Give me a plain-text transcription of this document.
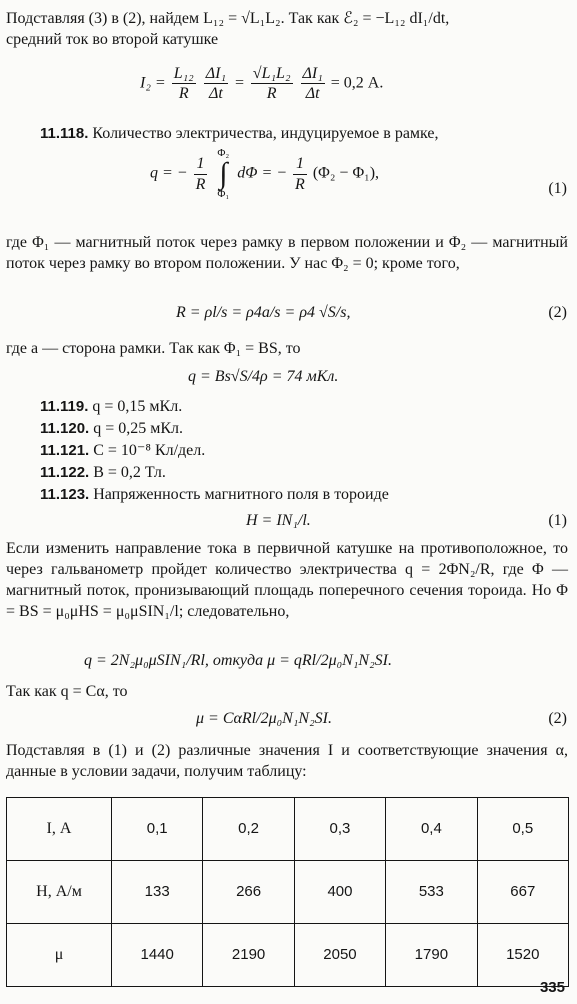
Подставляя (3) в (2), найдем L₁₂ = √L₁L₂. Так как ℰ₂ = −L₁₂ dI₁/dt,
средний ток во второй катушке
$I_2 = \frac{\text{L₁₂}}{R}$
$\frac{\text{ΔI₁}}{\Delta t} = \frac{\text{√L₁L₂}}{R}$
$\frac{\text{ΔI₁}}{\Delta t} = 0,2$ А.
11.118. Количество электричества, индуцируемое в рамке,
q = − $\frac{1}{R}$

Φ₂
∫
Φ₁
dΦ = − $\frac{1}{R} (\Phi_2 - \Phi_1)$,
(1)
где Φ₁ — магнитный поток через рамку в первом положении и Φ₂ — магнитный поток через рамку во втором положении. У нас Φ₂ = 0; кроме того,
R = ρl/s = ρ4a/s = ρ4 √S/s,	(2)
где a — сторона рамки. Так как Φ₁ = BS, то
q = Bs√S/4ρ = 74 мКл.
11.119. q = 0,15 мКл.
11.120. q = 0,25 мКл.
11.121. C = 10⁻⁸ Кл/дел.
11.122. B = 0,2 Тл.
11.123. Напряженность магнитного поля в тороиде
H = IN₁/l.	(1)
Если изменить направление тока в первичной катушке на противоположное, то через гальванометр пройдет количество электричества q = 2ΦN₂/R, где Φ — магнитный поток, пронизывающий площадь поперечного сечения тороида. Но Φ = BS = μ₀μHS = μ₀μSIN₁/l; следовательно,
q = 2N₂μ₀μSIN₁/Rl, откуда μ = qRl/2μ₀N₁N₂SI.
Так как q = Cα, то
μ = CαRl/2μ₀N₁N₂SI.	(2)
Подставляя в (1) и (2) различные значения I и соответствующие значения α, данные в условии задачи, получим таблицу:
I, А	0,1	0,2	0,3	0,4	0,5
H, А/м	133	266	400	533	667
μ	1440	2190	2050	1790	1520
335
